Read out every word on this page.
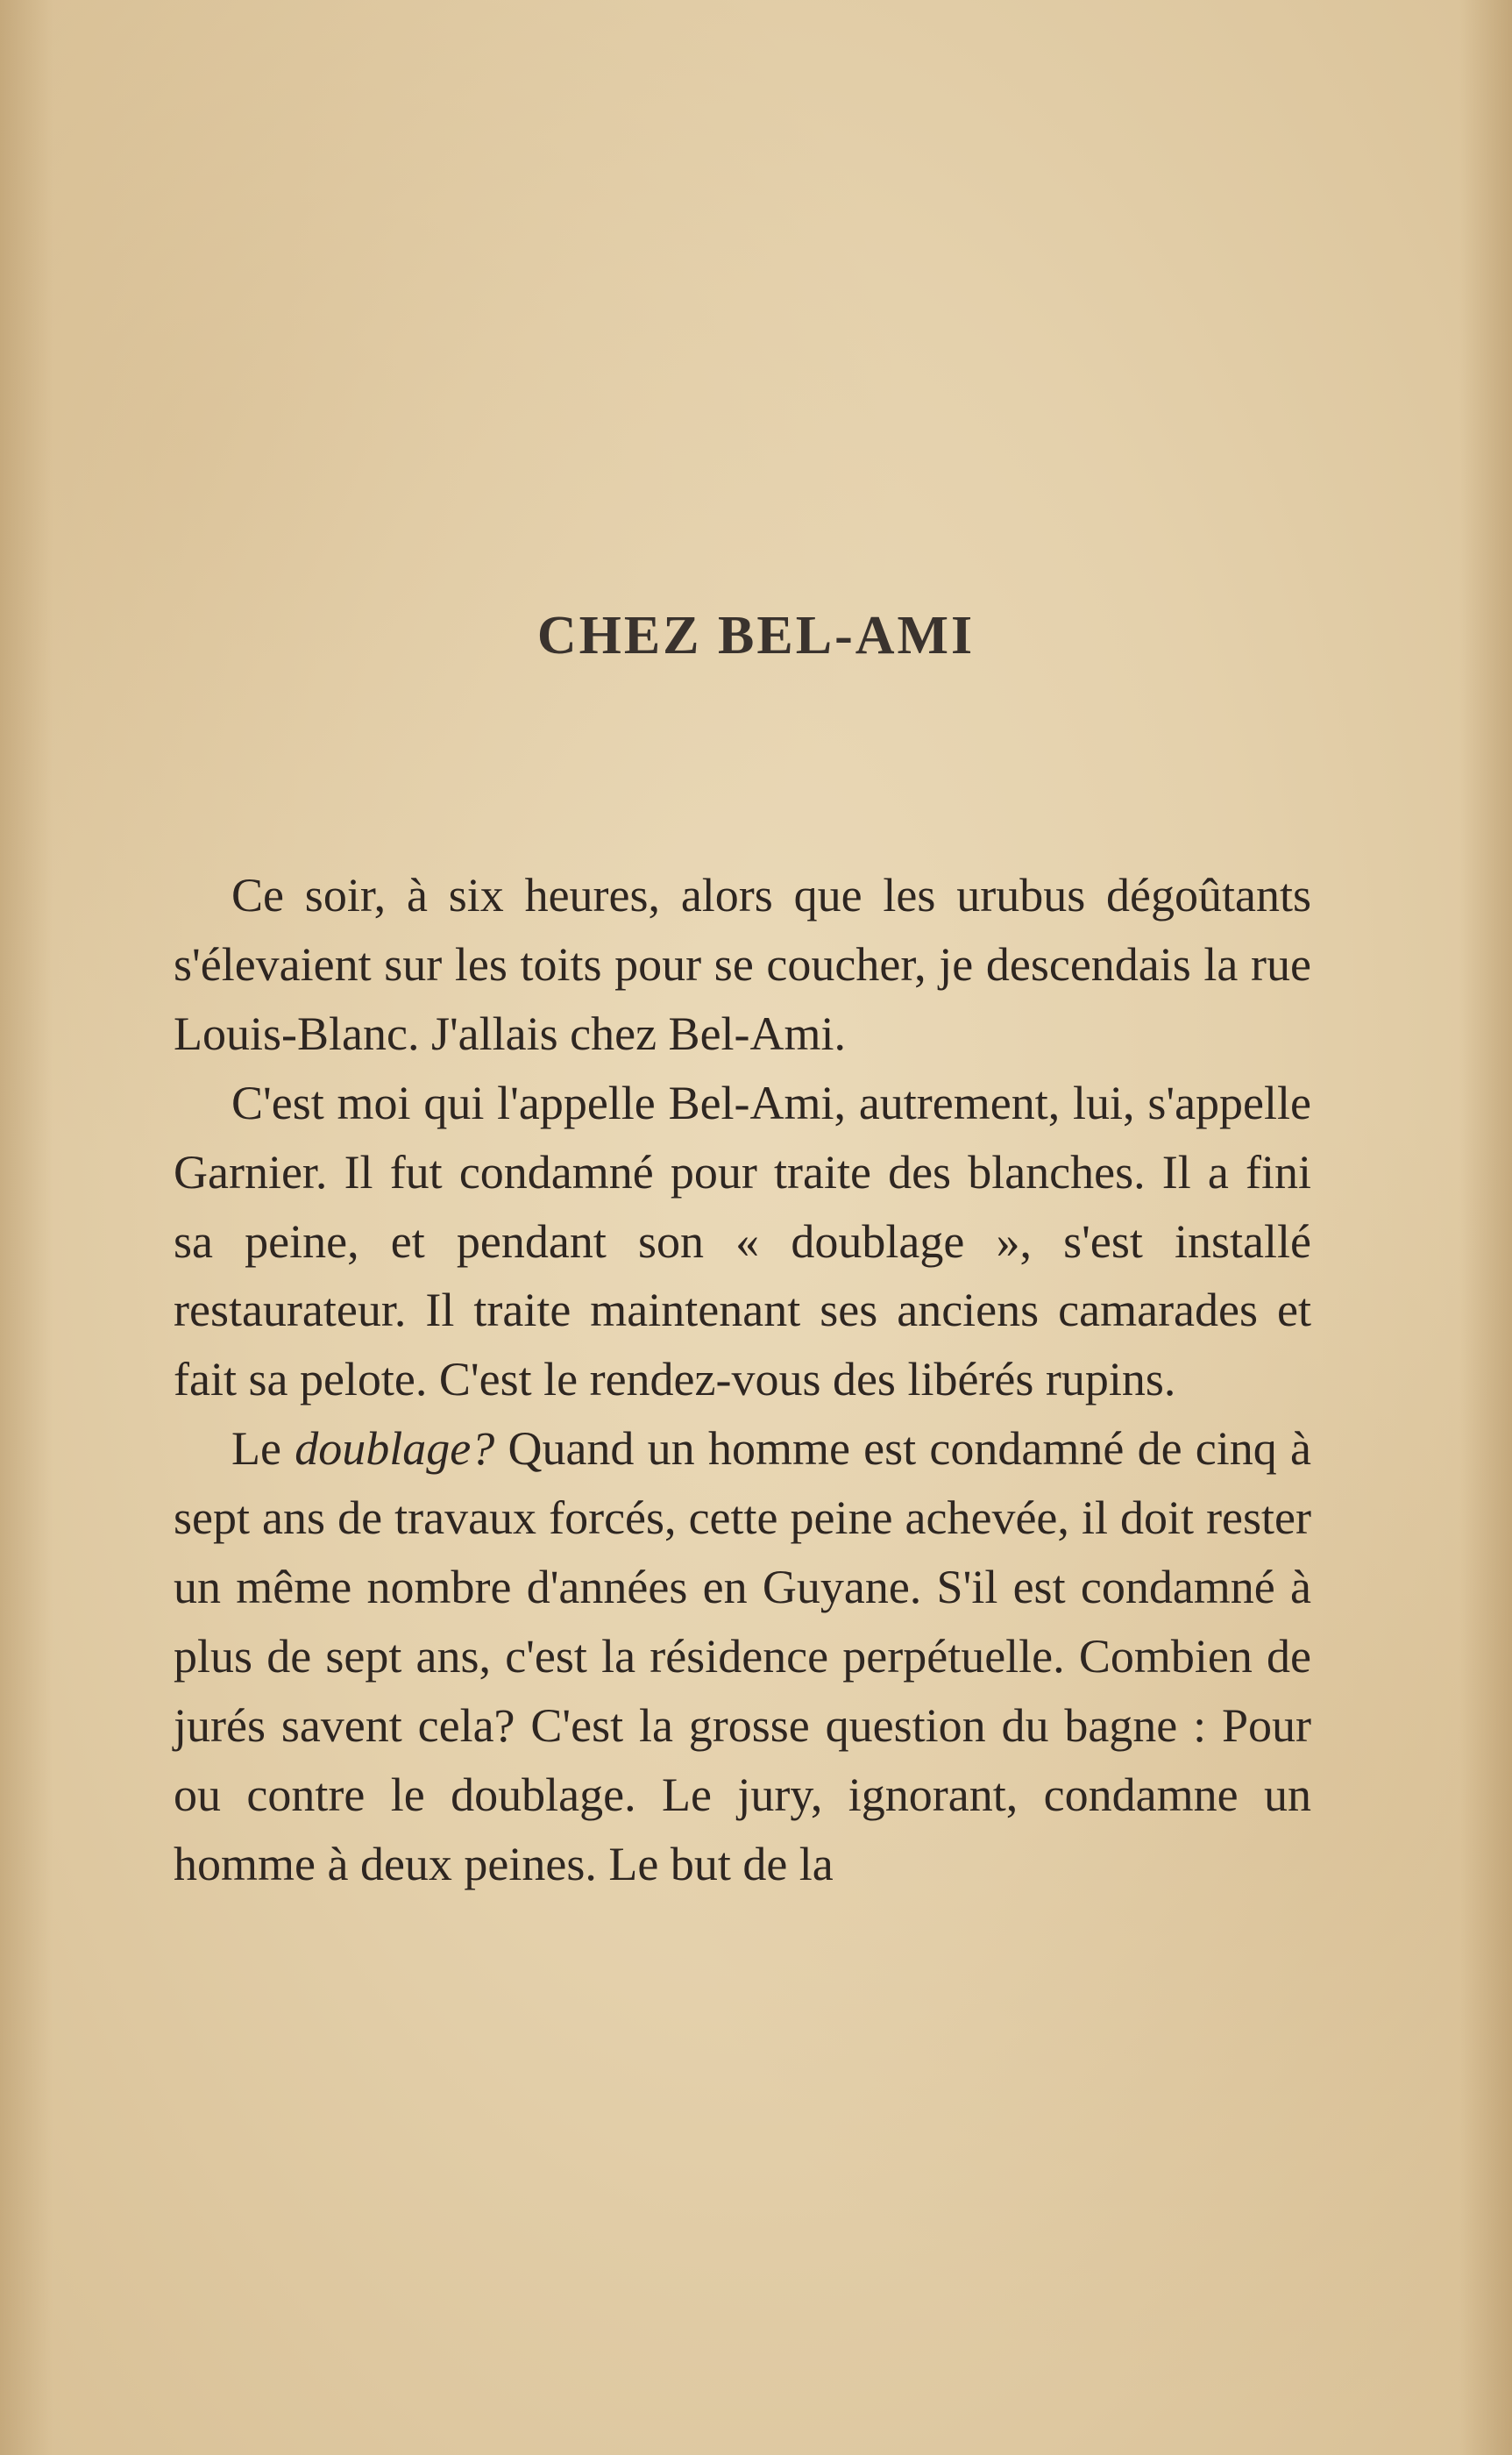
CHEZ BEL-AMI

Ce soir, à six heures, alors que les urubus dégoûtants s'élevaient sur les toits pour se coucher, je descendais la rue Louis-Blanc. J'allais chez Bel-Ami.

C'est moi qui l'appelle Bel-Ami, autrement, lui, s'appelle Garnier. Il fut condamné pour traite des blanches. Il a fini sa peine, et pendant son « doublage », s'est installé restaurateur. Il traite maintenant ses anciens camarades et fait sa pelote. C'est le rendez-vous des libérés rupins.

Le doublage? Quand un homme est condamné de cinq à sept ans de travaux forcés, cette peine achevée, il doit rester un même nombre d'années en Guyane. S'il est condamné à plus de sept ans, c'est la résidence perpétuelle. Combien de jurés savent cela? C'est la grosse question du bagne : Pour ou contre le doublage. Le jury, ignorant, condamne un homme à deux peines. Le but de la
